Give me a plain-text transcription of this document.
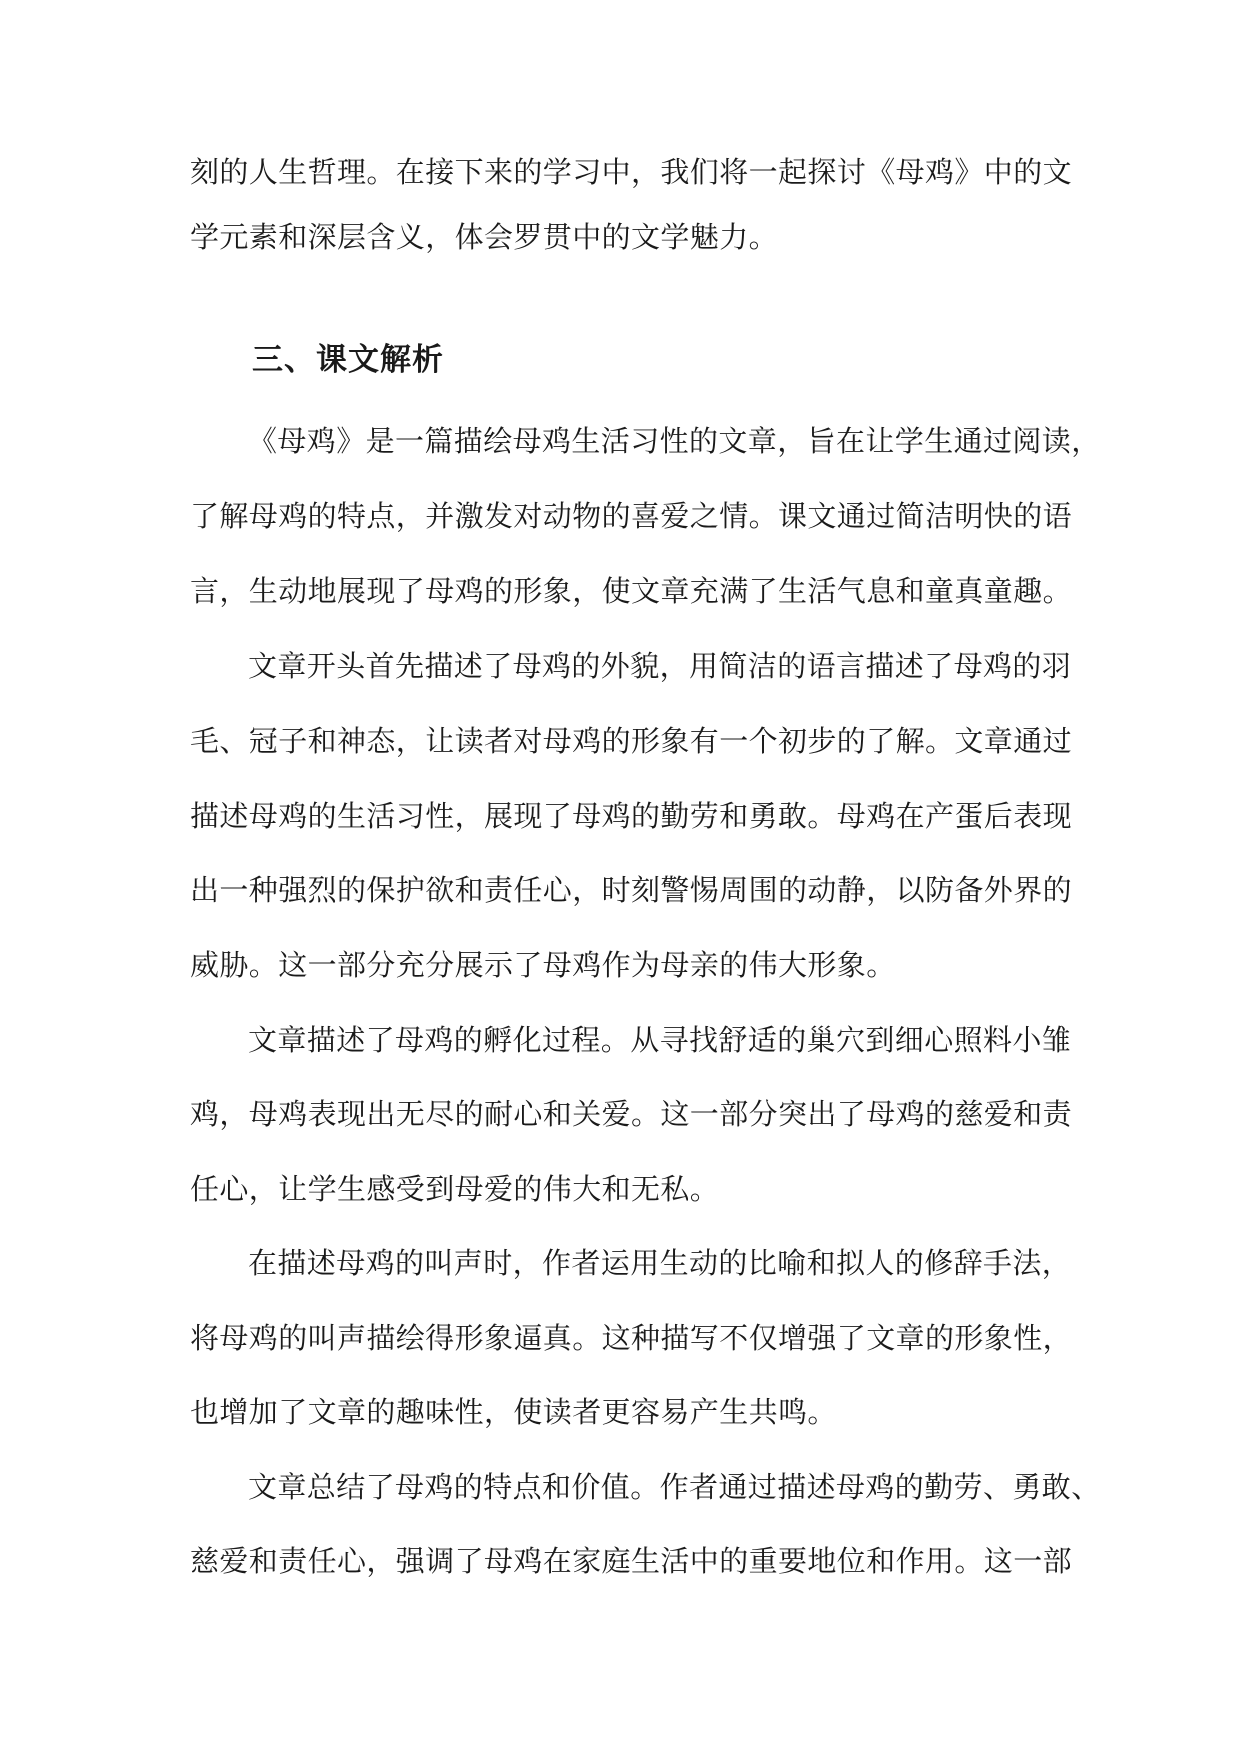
刻的人生哲理。在接下来的学习中，我们将一起探讨《母鸡》中的文
学元素和深层含义，体会罗贯中的文学魅力。
三、课文解析
《母鸡》是一篇描绘母鸡生活习性的文章，旨在让学生通过阅读，
了解母鸡的特点，并激发对动物的喜爱之情。课文通过简洁明快的语
言，生动地展现了母鸡的形象，使文章充满了生活气息和童真童趣。
文章开头首先描述了母鸡的外貌，用简洁的语言描述了母鸡的羽
毛、冠子和神态，让读者对母鸡的形象有一个初步的了解。文章通过
描述母鸡的生活习性，展现了母鸡的勤劳和勇敢。母鸡在产蛋后表现
出一种强烈的保护欲和责任心，时刻警惕周围的动静，以防备外界的
威胁。这一部分充分展示了母鸡作为母亲的伟大形象。
文章描述了母鸡的孵化过程。从寻找舒适的巢穴到细心照料小雏
鸡，母鸡表现出无尽的耐心和关爱。这一部分突出了母鸡的慈爱和责
任心，让学生感受到母爱的伟大和无私。
在描述母鸡的叫声时，作者运用生动的比喻和拟人的修辞手法，
将母鸡的叫声描绘得形象逼真。这种描写不仅增强了文章的形象性，
也增加了文章的趣味性，使读者更容易产生共鸣。
文章总结了母鸡的特点和价值。作者通过描述母鸡的勤劳、勇敢、
慈爱和责任心，强调了母鸡在家庭生活中的重要地位和作用。这一部
